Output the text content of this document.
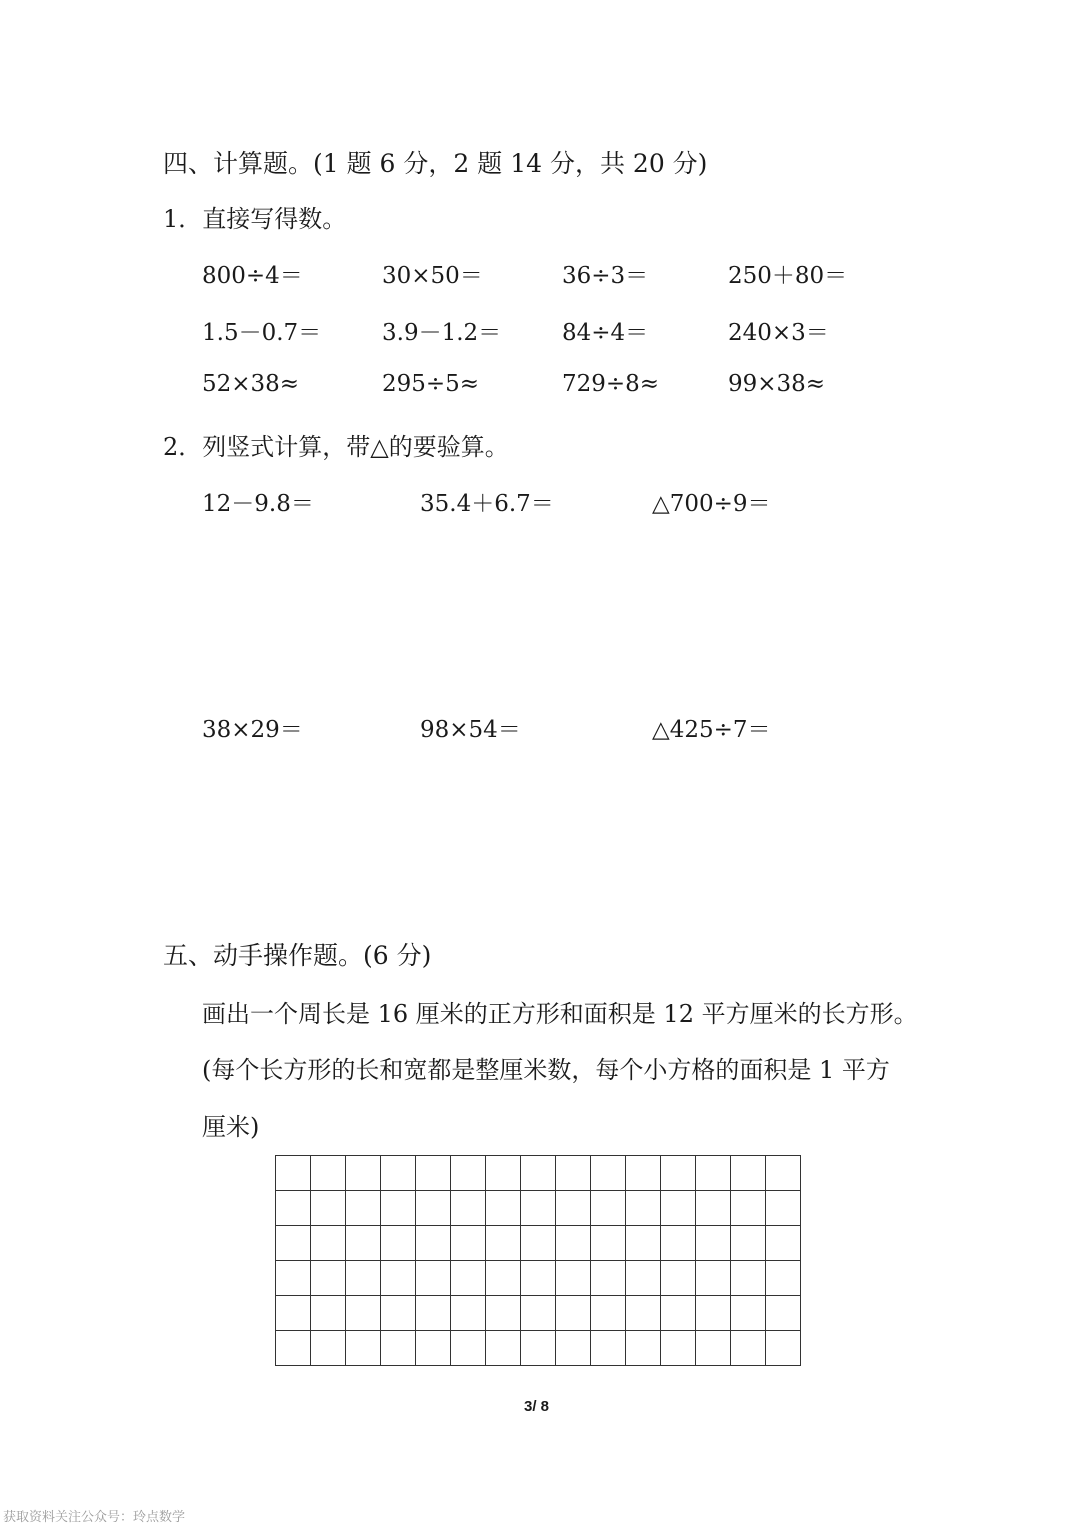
四、计算题。(1 题 6 分，2 题 14 分，共 20 分)
1．直接写得数。
800÷4＝	30×50＝	36÷3＝	250＋80＝
1.5－0.7＝	3.9－1.2＝	84÷4＝	240×3＝
52×38≈	295÷5≈	729÷8≈	99×38≈
2．列竖式计算，带△的要验算。
12－9.8＝	35.4＋6.7＝	△700÷9＝
38×29＝	98×54＝	△425÷7＝
五、动手操作题。(6 分)
画出一个周长是 16 厘米的正方形和面积是 12 平方厘米的长方形。
(每个长方形的长和宽都是整厘米数，每个小方格的面积是 1 平方
厘米)

3/ 8
获取资料关注公众号：玲点数学
